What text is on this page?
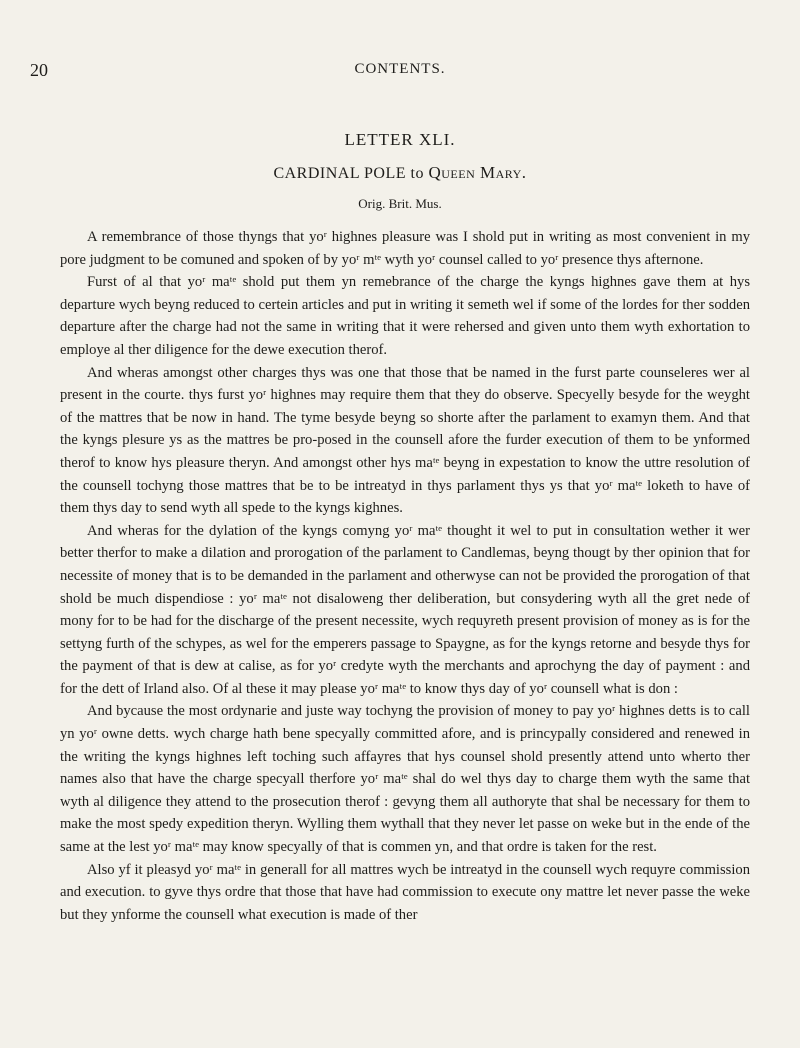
20	CONTENTS.
LETTER XLI.
CARDINAL POLE to Queen Mary.
Orig. Brit. Mus.

A remembrance of those thyngs that yoʳ highnes pleasure was I shold put in writing as most convenient in my pore judgment to be comuned and spoken of by yoʳ mᵗᵉ wyth yoʳ counsel called to yoʳ presence thys afternone.

Furst of al that yoʳ maᵗᵉ shold put them yn remebrance of the charge the kyngs highnes gave them at hys departure wych beyng reduced to certein articles and put in writing it semeth wel if some of the lordes for ther sodden departure after the charge had not the same in writing that it were rehersed and given unto them wyth exhortation to employe al ther diligence for the dewe execution therof.

And wheras amongst other charges thys was one that those that be named in the furst parte counseleres wer al present in the courte. thys furst yoʳ highnes may require them that they do observe. Specyelly besyde for the weyght of the mattres that be now in hand. The tyme besyde beyng so shorte after the parlament to examyn them. And that the kyngs plesure ys as the mattres be pro-posed in the counsell afore the furder execution of them to be ynformed therof to know hys pleasure theryn. And amongst other hys maᵗᵉ beyng in expestation to know the uttre resolution of the counsell tochyng those mattres that be to be intreatyd in thys parlament thys ys that yoʳ maᵗᵉ loketh to have of them thys day to send wyth all spede to the kyngs kighnes.

And wheras for the dylation of the kyngs comyng yoʳ maᵗᵉ thought it wel to put in consultation wether it wer better therfor to make a dilation and prorogation of the parlament to Candlemas, beyng thougt by ther opinion that for necessite of money that is to be demanded in the parlament and otherwyse can not be provided the prorogation of that shold be much dispendiose : yoʳ maᵗᵉ not disaloweng ther deliberation, but consydering wyth all the gret nede of mony for to be had for the discharge of the present necessite, wych requyreth present provision of money as is for the settyng furth of the schypes, as wel for the emperers passage to Spaygne, as for the kyngs retorne and besyde thys for the payment of that is dew at calise, as for yoʳ credyte wyth the merchants and aprochyng the day of payment : and for the dett of Irland also. Of al these it may please yoʳ maᵗᵉ to know thys day of yoʳ counsell what is don :

And bycause the most ordynarie and juste way tochyng the provision of money to pay yoʳ highnes detts is to call yn yoʳ owne detts. wych charge hath bene specyally committed afore, and is princypally considered and renewed in the writing the kyngs highnes left toching such affayres that hys counsel shold presently attend unto wherto ther names also that have the charge specyall therfore yoʳ maᵗᵉ shal do wel thys day to charge them wyth the same that wyth al diligence they attend to the prosecution therof : gevyng them all authoryte that shal be necessary for them to make the most spedy expedition theryn. Wylling them wythall that they never let passe on weke but in the ende of the same at the lest yoʳ maᵗᵉ may know specyally of that is commen yn, and that ordre is taken for the rest.

Also yf it pleasyd yoʳ maᵗᵉ in generall for all mattres wych be intreatyd in the counsell wych requyre commission and execution. to gyve thys ordre that those that have had commission to execute ony mattre let never passe the weke but they ynforme the counsell what execution is made of ther
